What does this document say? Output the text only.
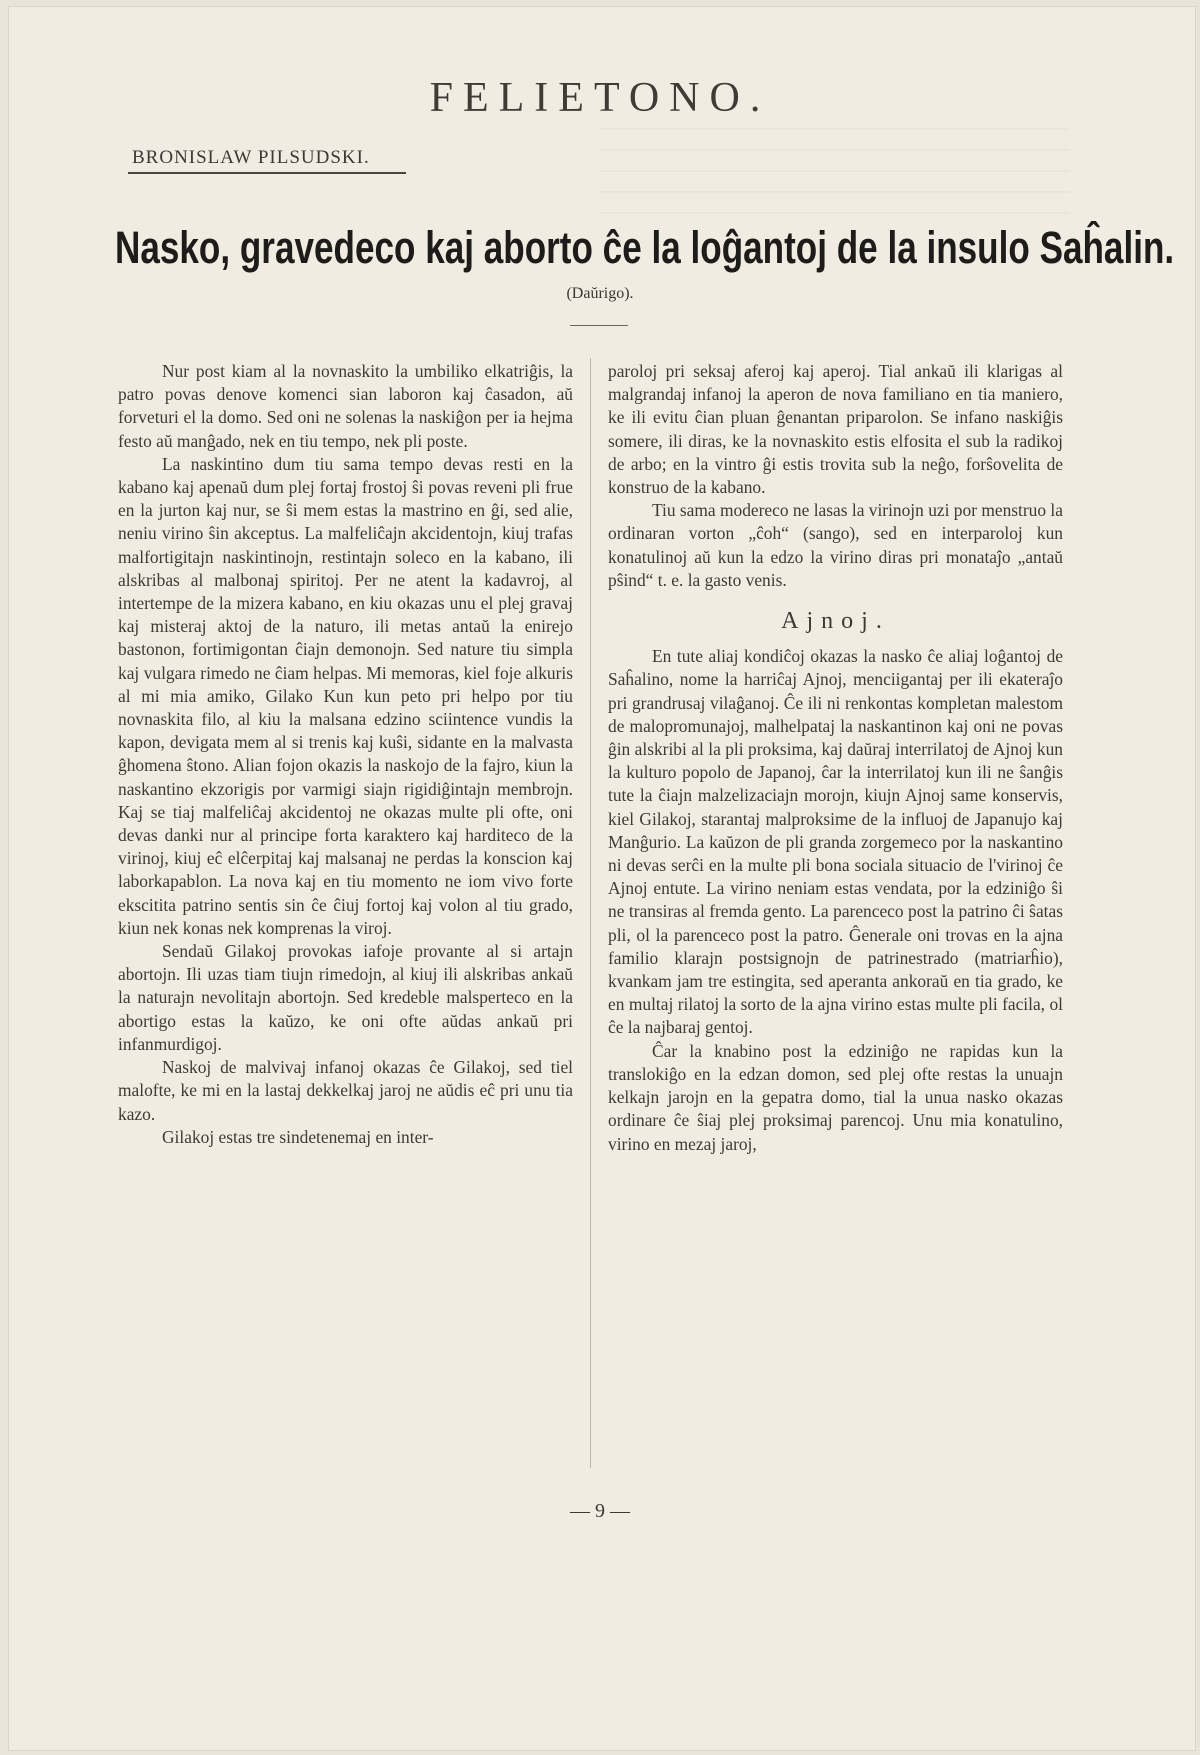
FELIETONO.
BRONISLAW PILSUDSKI.
Nasko, gravedeco kaj aborto ĉe la loĝantoj de la insulo Saĥalin.
(Daŭrigo).

Nur post kiam al la novnaskito la umbiliko elkatriĝis, la patro povas denove komenci sian laboron kaj ĉasadon, aŭ forveturi el la domo. Sed oni ne solenas la naskiĝon per ia hejma festo aŭ manĝado, nek en tiu tempo, nek pli poste.

La naskintino dum tiu sama tempo devas resti en la kabano kaj apenaŭ dum plej fortaj frostoj ŝi povas reveni pli frue en la jurton kaj nur, se ŝi mem estas la mastrino en ĝi, sed alie, neniu virino ŝin akceptus. La malfeliĉajn akcidentojn, kiuj trafas malfortigitajn naskintinojn, restintajn soleco en la kabano, ili alskribas al malbonaj spiritoj. Per ne atent la kadavroj, al intertempe de la mizera kabano, en kiu okazas unu el plej gravaj kaj misteraj aktoj de la naturo, ili metas antaŭ la enirejo bastonon, fortimigontan ĉiajn demonojn. Sed nature tiu simpla kaj vulgara rimedo ne ĉiam helpas. Mi memoras, kiel foje alkuris al mi mia amiko, Gilako Kun kun peto pri helpo por tiu novnaskita filo, al kiu la malsana edzino sciintence vundis la kapon, devigata mem al si trenis kaj kuŝi, sidante en la malvasta ĝhomena ŝtono. Alian fojon okazis la naskojo de la fajro, kiun la naskantino ekzorigis por varmigi siajn rigidiĝintajn membrojn. Kaj se tiaj malfeliĉaj akcidentoj ne okazas multe pli ofte, oni devas danki nur al principe forta karaktero kaj harditeco de la virinoj, kiuj eĉ elĉerpitaj kaj malsanaj ne perdas la konscion kaj laborkapablon. La nova kaj en tiu momento ne iom vivo forte ekscitita patrino sentis sin ĉe ĉiuj fortoj kaj volon al tiu grado, kiun nek konas nek komprenas la viroj.

Sendaŭ Gilakoj provokas iafoje provante al si artajn abortojn. Ili uzas tiam tiujn rimedojn, al kiuj ili alskribas ankaŭ la naturajn nevolitajn abortojn. Sed kredeble malsperteco en la abortigo estas la kaŭzo, ke oni ofte aŭdas ankaŭ pri infanmurdigoj.

Naskoj de malvivaj infanoj okazas ĉe Gilakoj, sed tiel malofte, ke mi en la lastaj dekkelkaj jaroj ne aŭdis eĉ pri unu tia kazo.

Gilakoj estas tre sindetenemaj en inter-

paroloj pri seksaj aferoj kaj aperoj. Tial ankaŭ ili klarigas al malgrandaj infanoj la aperon de nova familiano en tia maniero, ke ili evitu ĉian pluan ĝenantan priparolon. Se infano naskiĝis somere, ili diras, ke la novnaskito estis elfosita el sub la radikoj de arbo; en la vintro ĝi estis trovita sub la neĝo, forŝovelita de konstruo de la kabano.

Tiu sama modereco ne lasas la virinojn uzi por menstruo la ordinaran vorton „ĉoh“ (sango), sed en interparoloj kun konatulinoj aŭ kun la edzo la virino diras pri monataĵo „antaŭ pŝind“ t. e. la gasto venis.

Ajnoj.

En tute aliaj kondiĉoj okazas la nasko ĉe aliaj loĝantoj de Saĥalino, nome la harriĉaj Ajnoj, menciigantaj per ili ekateraĵo pri grandrusaj vilaĝanoj. Ĉe ili ni renkontas kompletan malestom de malopromunajoj, malhelpataj la naskantinon kaj oni ne povas ĝin alskribi al la pli proksima, kaj daŭraj interrilatoj de Ajnoj kun la kulturo popolo de Japanoj, ĉar la interrilatoj kun ili ne ŝanĝis tute la ĉiajn malzelizaciajn morojn, kiujn Ajnoj same konservis, kiel Gilakoj, starantaj malproksime de la influoj de Japanujo kaj Manĝurio. La kaŭzon de pli granda zorgemeco por la naskantino ni devas serĉi en la multe pli bona sociala situacio de l'virinoj ĉe Ajnoj entute. La virino neniam estas vendata, por la edziniĝo ŝi ne transiras al fremda gento. La parenceco post la patrino ĉi ŝatas pli, ol la parenceco post la patro. Ĝenerale oni trovas en la ajna familio klarajn postsignojn de patrinestrado (matriarĥio), kvankam jam tre estingita, sed aperanta ankoraŭ en tia grado, ke en multaj rilatoj la sorto de la ajna virino estas multe pli facila, ol ĉe la najbaraj gentoj.

Ĉar la knabino post la edziniĝo ne rapidas kun la translokiĝo en la edzan domon, sed plej ofte restas la unuajn kelkajn jarojn en la gepatra domo, tial la unua nasko okazas ordinare ĉe ŝiaj plej proksimaj parencoj. Unu mia konatulino, virino en mezaj jaroj,

— 9 —
